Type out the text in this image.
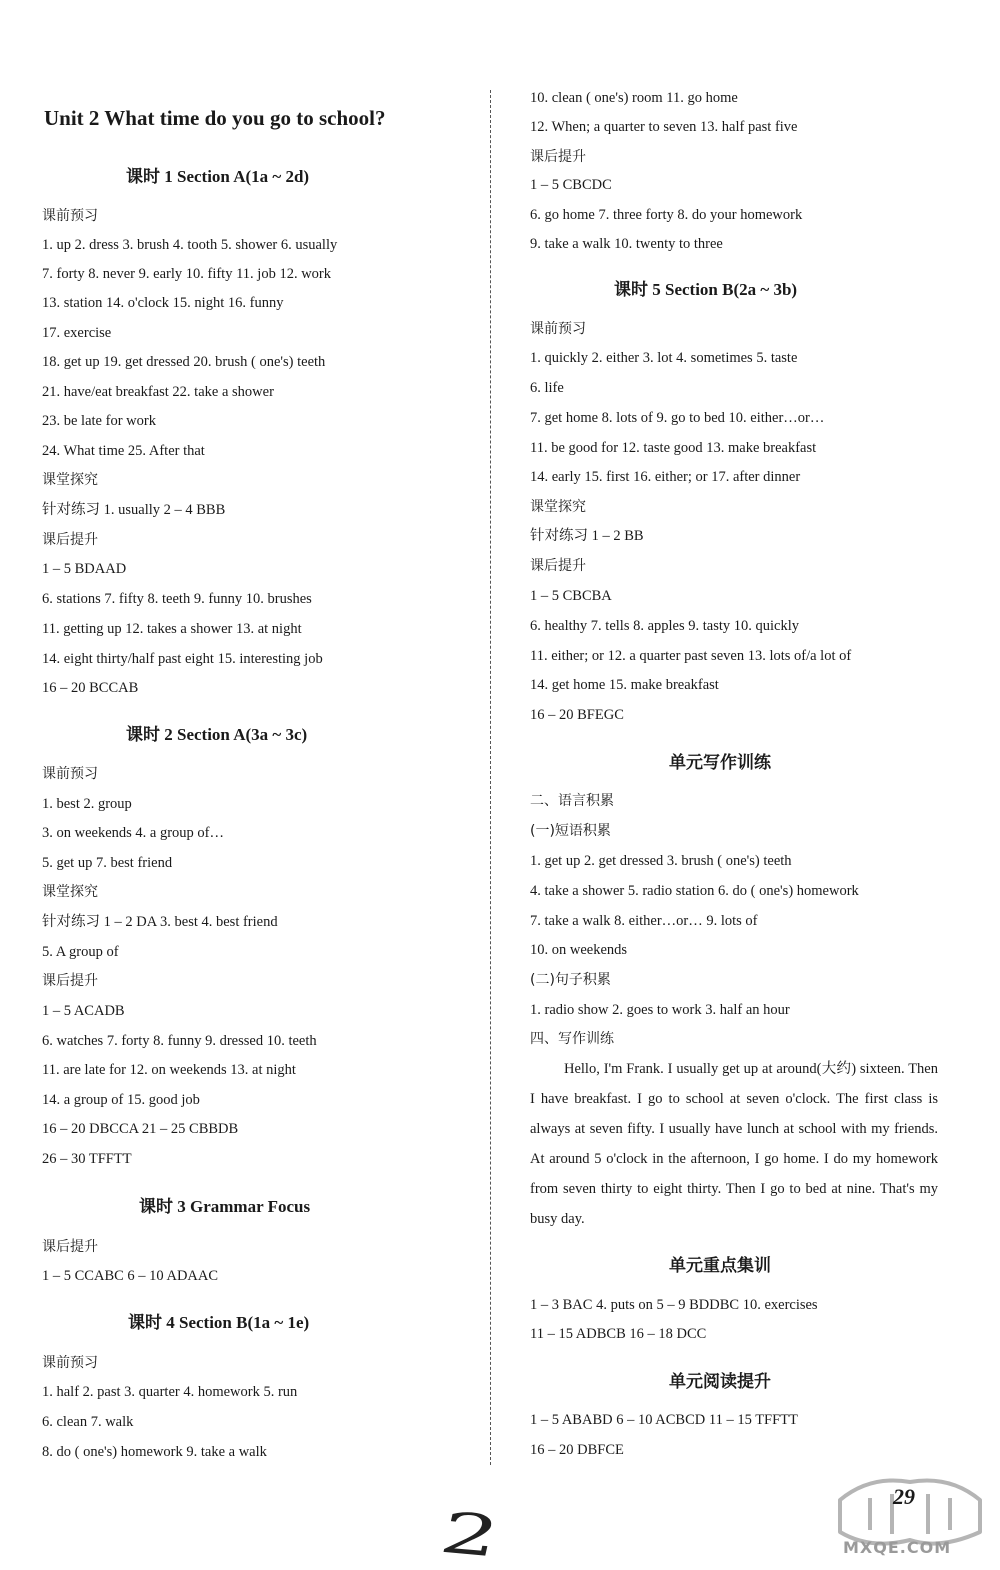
Unit 2 What time do you go to school?
课时 1 Section A(1a ~ 2d)
课前预习
1. up 2. dress 3. brush 4. tooth 5. shower 6. usually
7. forty 8. never 9. early 10. fifty 11. job 12. work
13. station 14. o'clock 15. night 16. funny
17. exercise
18. get up 19. get dressed 20. brush ( one's) teeth
21. have/eat breakfast 22. take a shower
23. be late for work
24. What time 25. After that
课堂探究
针对练习 1. usually 2 – 4 BBB
课后提升
1 – 5 BDAAD
6. stations 7. fifty 8. teeth 9. funny 10. brushes
11. getting up 12. takes a shower 13. at night
14. eight thirty/half past eight 15. interesting job
16 – 20 BCCAB
课时 2 Section A(3a ~ 3c)
课前预习
1. best 2. group
3. on weekends 4. a group of…
5. get up 7. best friend
课堂探究
针对练习 1 – 2 DA 3. best 4. best friend
5. A group of
课后提升
1 – 5 ACADB
6. watches 7. forty 8. funny 9. dressed 10. teeth
11. are late for 12. on weekends 13. at night
14. a group of 15. good job
16 – 20 DBCCA 21 – 25 CBBDB
26 – 30 TFFTT
课时 3 Grammar Focus
课后提升
1 – 5 CCABC 6 – 10 ADAAC
课时 4 Section B(1a ~ 1e)
课前预习
1. half 2. past 3. quarter 4. homework 5. run
6. clean 7. walk
8. do ( one's) homework 9. take a walk
10. clean ( one's) room 11. go home
12. When; a quarter to seven 13. half past five
课后提升
1 – 5 CBCDC
6. go home 7. three forty 8. do your homework
9. take a walk 10. twenty to three
课时 5 Section B(2a ~ 3b)
课前预习
1. quickly 2. either 3. lot 4. sometimes 5. taste
6. life
7. get home 8. lots of 9. go to bed 10. either…or…
11. be good for 12. taste good 13. make breakfast
14. early 15. first 16. either; or 17. after dinner
课堂探究
针对练习 1 – 2 BB
课后提升
1 – 5 CBCBA
6. healthy 7. tells 8. apples 9. tasty 10. quickly
11. either; or 12. a quarter past seven 13. lots of/a lot of
14. get home 15. make breakfast
16 – 20 BFEGC
单元写作训练
二、语言积累
(一)短语积累
1. get up 2. get dressed 3. brush ( one's) teeth
4. take a shower 5. radio station 6. do ( one's) homework
7. take a walk 8. either…or… 9. lots of
10. on weekends
(二)句子积累
1. radio show 2. goes to work 3. half an hour
四、写作训练
Hello, I'm Frank. I usually get up at around(大约) sixteen. Then I have breakfast. I go to school at seven o'clock. The first class is always at seven fifty. I usually have lunch at school with my friends. At around 5 o'clock in the afternoon, I go home. I do my homework from seven thirty to eight thirty. Then I go to bed at nine. That's my busy day.
单元重点集训
1 – 3 BAC 4. puts on 5 – 9 BDDBC 10. exercises
11 – 15 ADBCB 16 – 18 DCC
单元阅读提升
1 – 5 ABABD 6 – 10 ACBCD 11 – 15 TFFTT
16 – 20 DBFCE
MXQE.COM
29
2
